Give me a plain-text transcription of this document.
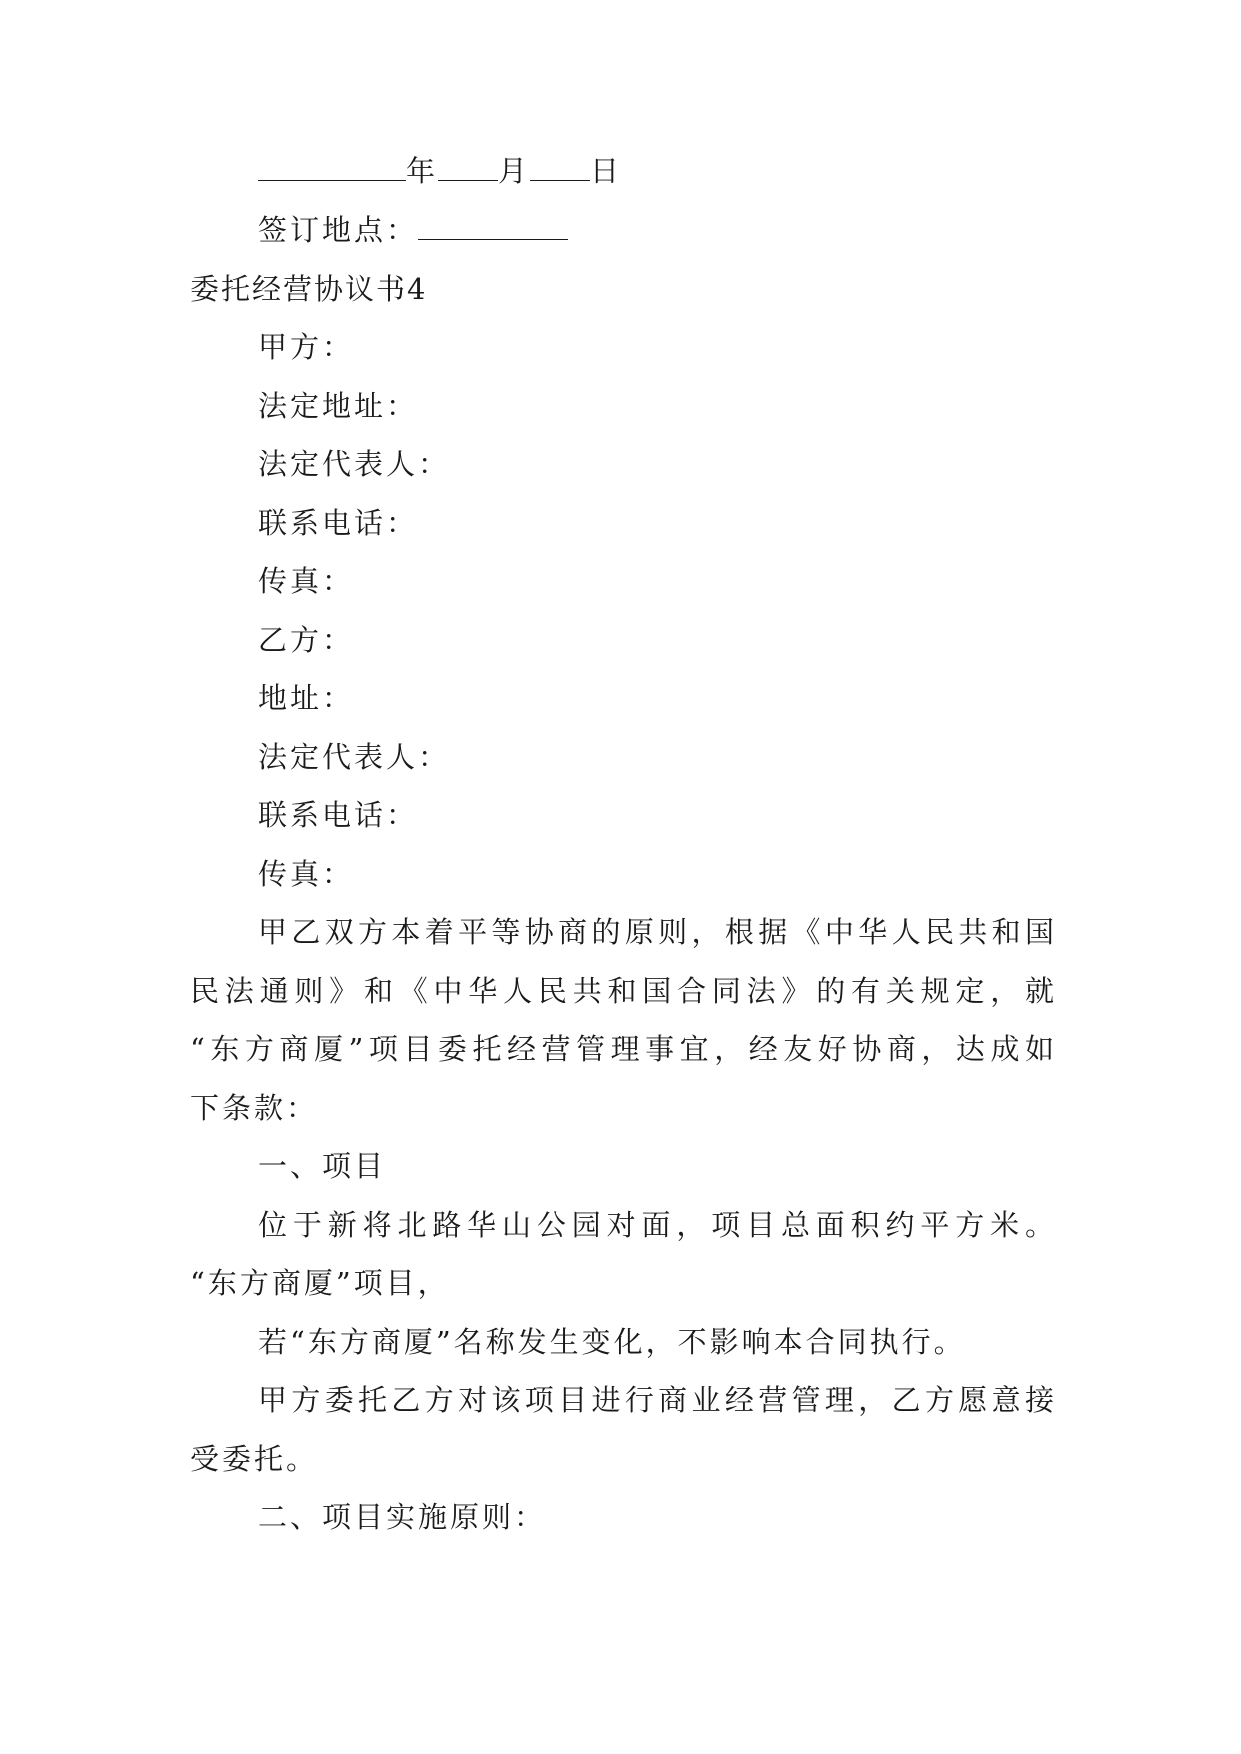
年 月 日
签订地点：
委托经营协议书4
甲方：
法定地址：
法定代表人：
联系电话：
传真：
乙方：
地址：
法定代表人：
联系电话：
传真：
甲乙双方本着平等协商的原则，根据《中华人民共和国
民法通则》和《中华人民共和国合同法》的有关规定，就
“东方商厦”项目委托经营管理事宜，经友好协商，达成如
下条款：
一、项目
位于新将北路华山公园对面，项目总面积约平方米。
“东方商厦”项目，
若“东方商厦”名称发生变化，不影响本合同执行。
甲方委托乙方对该项目进行商业经营管理，乙方愿意接
受委托。
二、项目实施原则：
